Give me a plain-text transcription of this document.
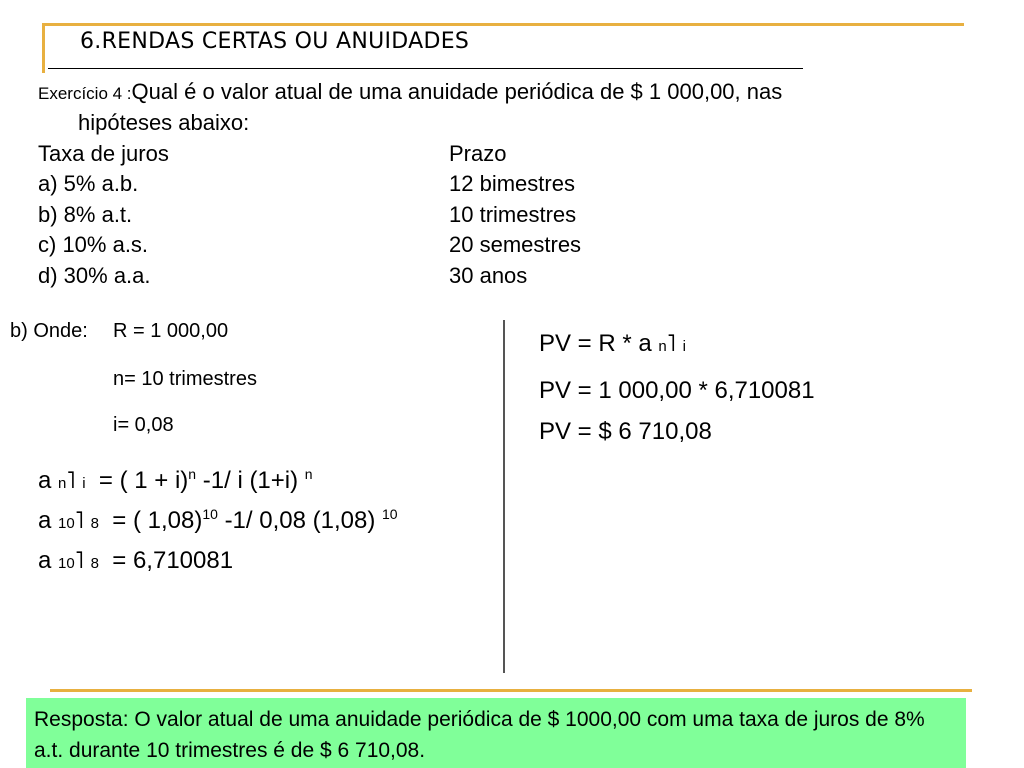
6.RENDAS CERTAS OU ANUIDADES
Exercício 4 :Qual é o valor atual de uma anuidade periódica de $ 1 000,00, nas
hipóteses abaixo:
Taxa de juros	Prazo
a) 5% a.b.	12 bimestres
b) 8% a.t.	10 trimestres
c) 10% a.s.	20 semestres
d) 30% a.a.	30 anos
b) Onde: R = 1 000,00
n= 10 trimestres
i= 0,08
a n˥ i = ( 1 + i)$^n$ -1/ i (1+i) $^n$
a 10˥ 8 = ( 1,08)$^{10}$ -1/ 0,08 (1,08) $^{10}$
a 10˥ 8 = 6,710081
PV = R * a n˥ i
PV = 1 000,00 * 6,710081
PV = $ 6 710,08
Resposta: O valor atual de uma anuidade periódica de $ 1000,00 com uma taxa de juros de 8% a.t. durante 10 trimestres é de $ 6 710,08.
